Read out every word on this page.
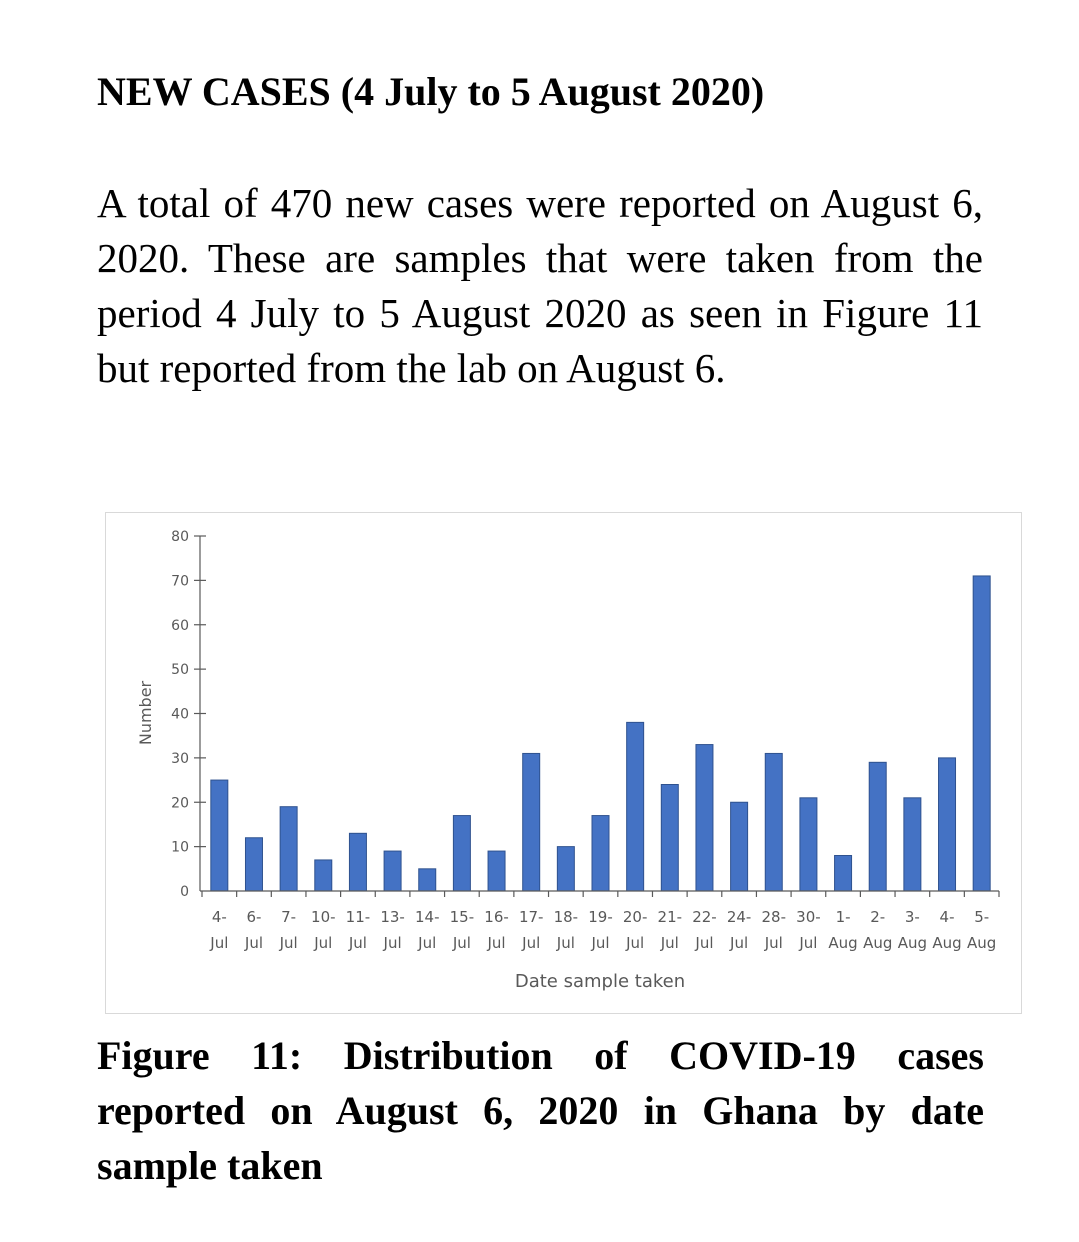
NEW CASES (4 July to 5 August 2020)

A total of 470 new cases were reported on August 6, 2020. These are samples that were taken from the period 4 July to 5 August 2020 as seen in Figure 11 but reported from the lab on August 6.

0
10
20
30
40
50
60
70
80
4-
Jul
6-
Jul
7-
Jul
10-
Jul
11-
Jul
13-
Jul
14-
Jul
15-
Jul
16-
Jul
17-
Jul
18-
Jul
19-
Jul
20-
Jul
21-
Jul
22-
Jul
24-
Jul
28-
Jul
30-
Jul
1-
Aug
2-
Aug
3-
Aug
4-
Aug
5-
Aug
Number
Date sample taken

Figure 11: Distribution of COVID-19 cases reported on August 6, 2020 in Ghana by date sample taken
